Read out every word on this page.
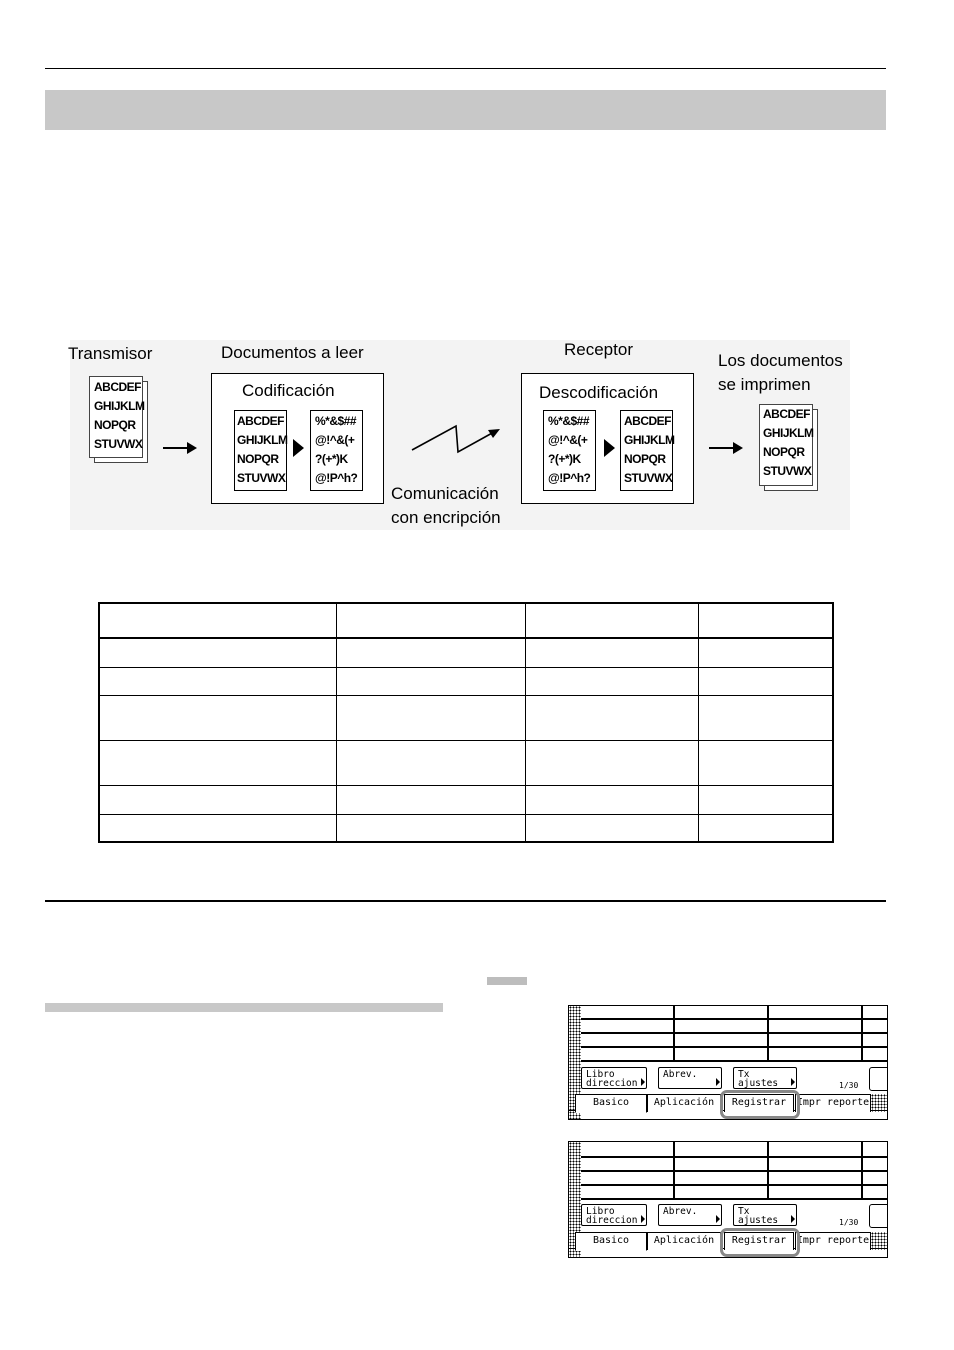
Transmisor	Documentos a leer	Receptor
Los documentos
se imprimen
ABCDEF
GHIJKLM
NOPQR
STUVWX
Codificación
ABCDEF
GHIJKLM
NOPQR
STUVWX
%*&$##
@!^&(+
?(+*)K
@!P^h?
Comunicación
con encripción
Descodificación
%*&$##
@!^&(+
?(+*)K
@!P^h?
ABCDEF
GHIJKLM
NOPQR
STUVWX
ABCDEF
GHIJKLM
NOPQR
STUVWX

Libro
direccion
Abrev.	Tx
ajustes	1/30
Basico	Aplicación	Registrar	Impr reporte
Libro
direccion
Abrev.	Tx
ajustes	1/30
Basico	Aplicación	Registrar	Impr reporte
